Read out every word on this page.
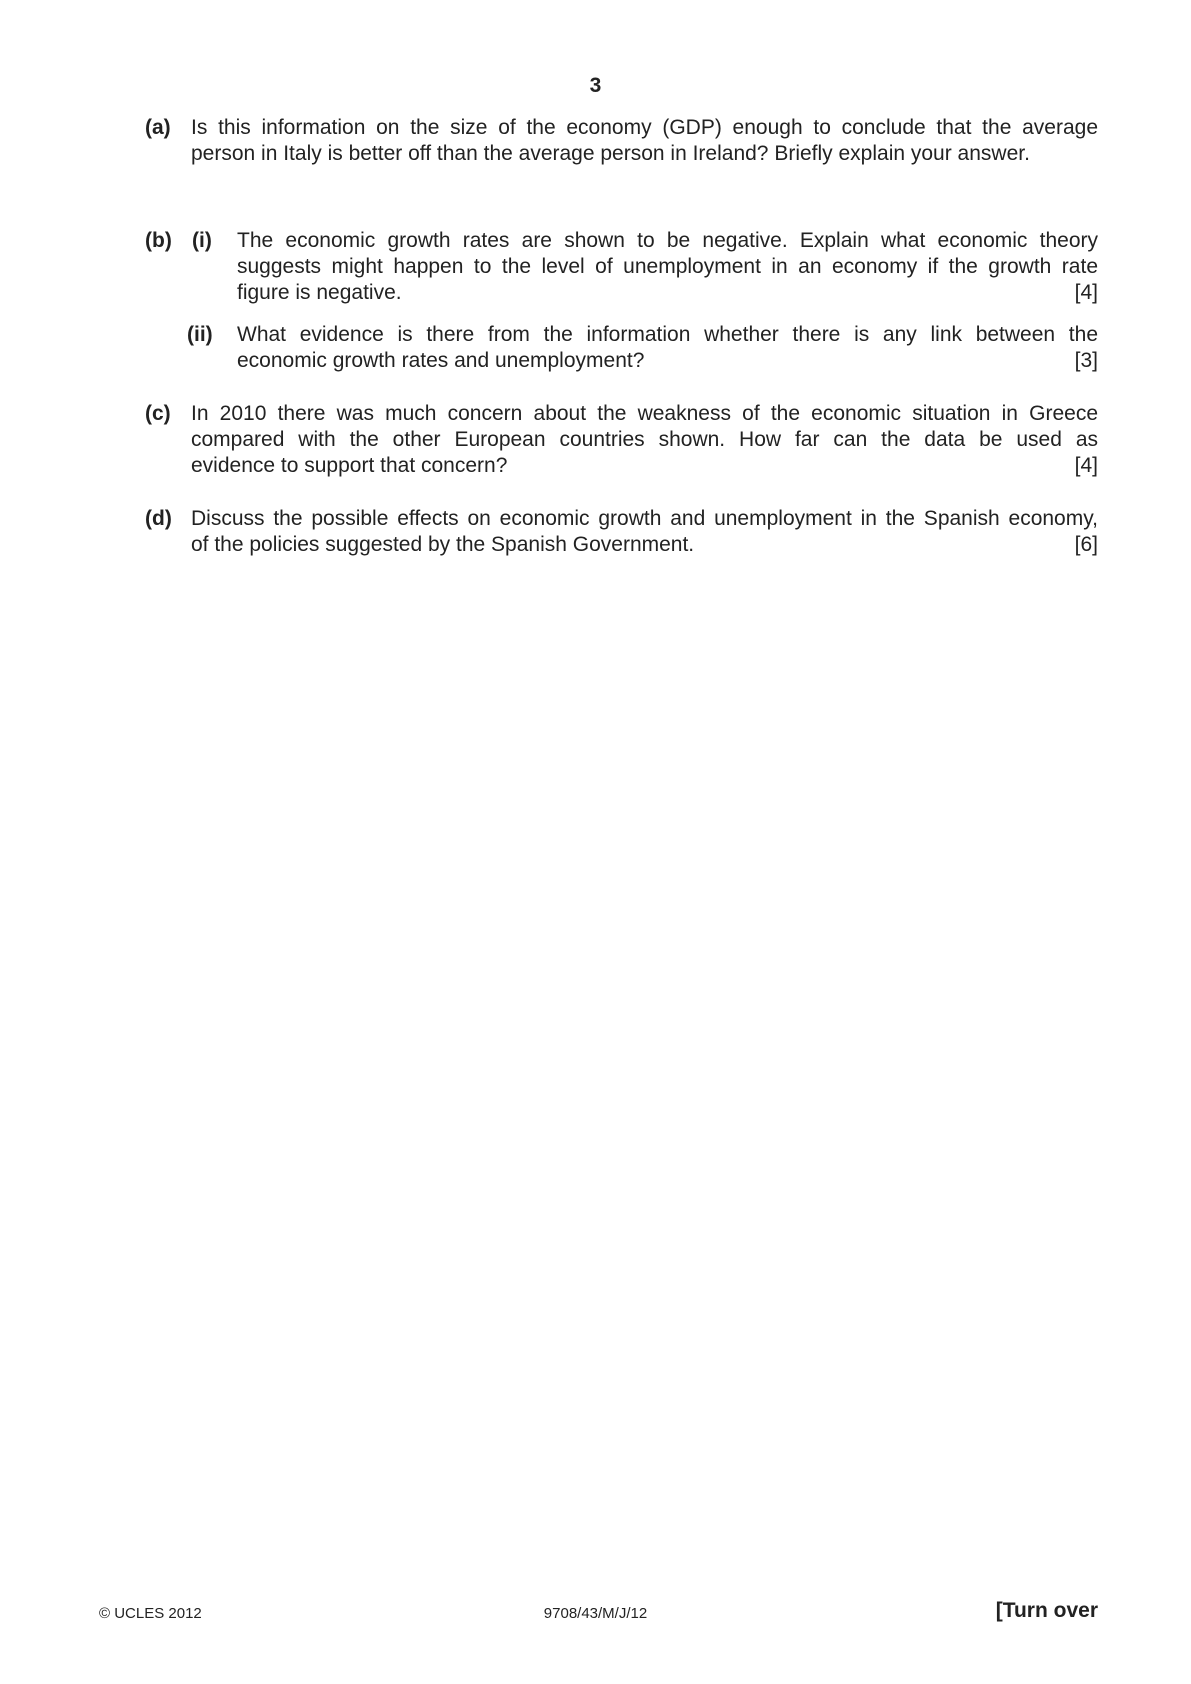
3
(a) Is this information on the size of the economy (GDP) enough to conclude that the average
person in Italy is better off than the average person in Ireland? Briefly explain your answer.
(b) (i) The economic growth rates are shown to be negative. Explain what economic theory
suggests might happen to the level of unemployment in an economy if the growth rate
figure is negative.	[4]
(ii) What evidence is there from the information whether there is any link between the
economic growth rates and unemployment?	[3]
(c) In 2010 there was much concern about the weakness of the economic situation in Greece
compared with the other European countries shown. How far can the data be used as
evidence to support that concern?	[4]
(d) Discuss the possible effects on economic growth and unemployment in the Spanish economy,
of the policies suggested by the Spanish Government.	[6]
© UCLES 2012	9708/43/M/J/12	[Turn over
